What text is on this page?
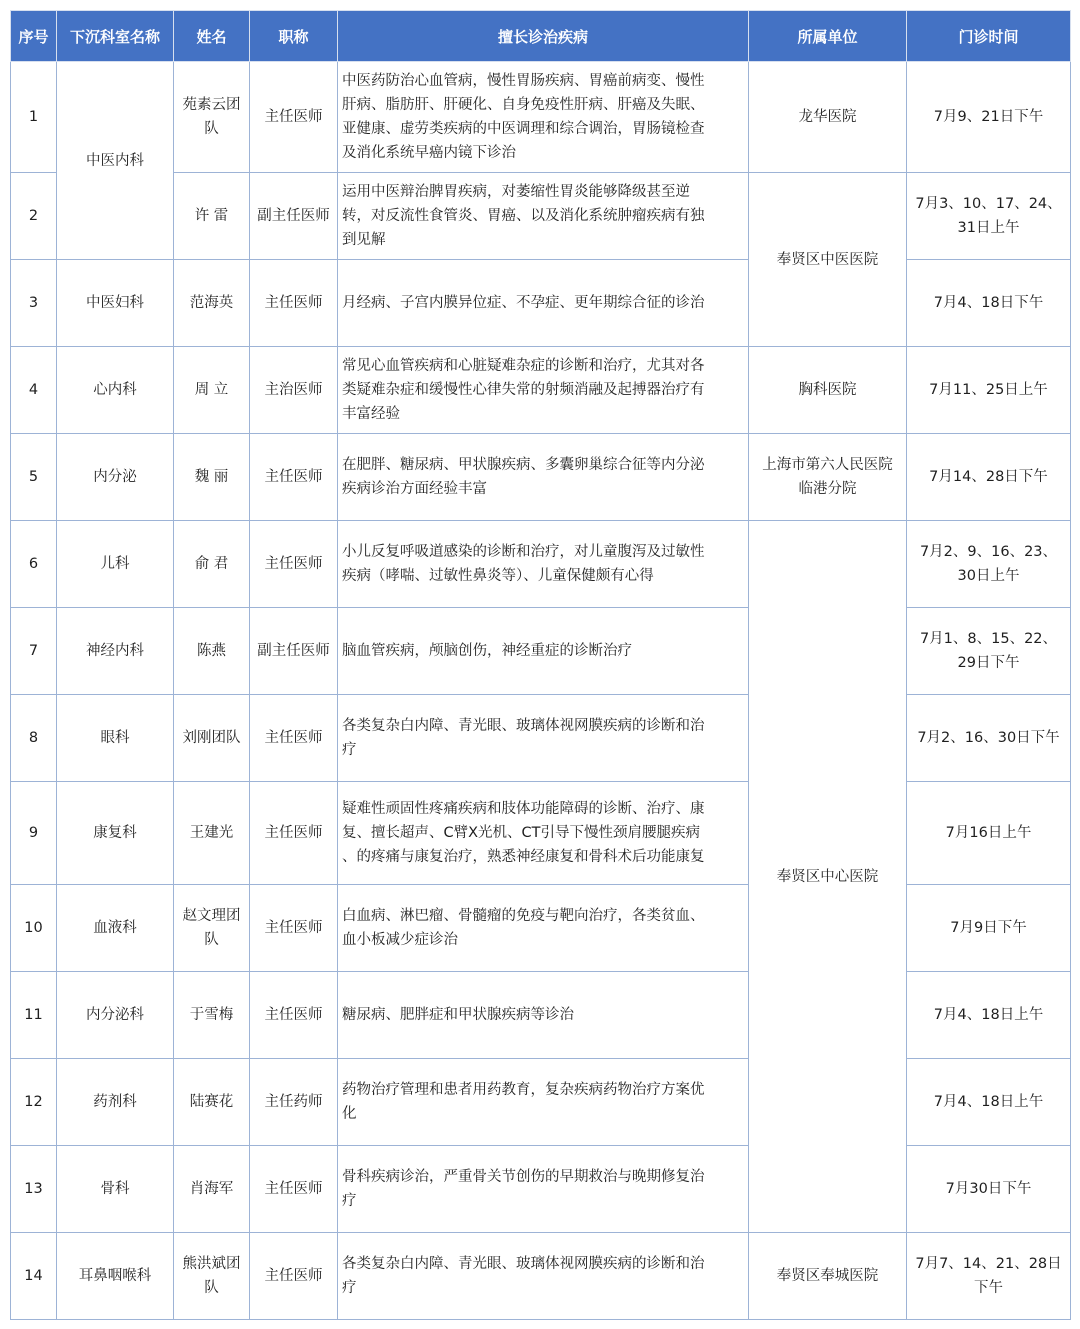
序号	下沉科室名称	姓名	职称	擅长诊治疾病	所属单位	门诊时间
1	中医内科	苑素云团
队	主任医师	中医药防治心血管病，慢性胃肠疾病、胃癌前病变、慢性
肝病、脂肪肝、肝硬化、自身免疫性肝病、肝癌及失眠、
亚健康、虚劳类疾病的中医调理和综合调治，胃肠镜检查
及消化系统早癌内镜下诊治	龙华医院	7月9、21日下午
2		许 雷	副主任医师	运用中医辩治脾胃疾病，对萎缩性胃炎能够降级甚至逆
转，对反流性食管炎、胃癌、以及消化系统肿瘤疾病有独
到见解	奉贤区中医医院	7月3、10、17、24、
31日上午
3	中医妇科	范海英	主任医师	月经病、子宫内膜异位症、不孕症、更年期综合征的诊治		7月4、18日下午
4	心内科	周 立	主治医师	常见心血管疾病和心脏疑难杂症的诊断和治疗，尤其对各
类疑难杂症和缓慢性心律失常的射频消融及起搏器治疗有
丰富经验	胸科医院	7月11、25日上午
5	内分泌	魏 丽	主任医师	在肥胖、糖尿病、甲状腺疾病、多囊卵巢综合征等内分泌
疾病诊治方面经验丰富	上海市第六人民医院
临港分院	7月14、28日下午
6	儿科	俞 君	主任医师	小儿反复呼吸道感染的诊断和治疗，对儿童腹泻及过敏性
疾病（哮喘、过敏性鼻炎等）、儿童保健颇有心得	奉贤区中心医院	7月2、9、16、23、
30日上午
7	神经内科	陈燕	副主任医师	脑血管疾病，颅脑创伤，神经重症的诊断治疗		7月1、8、15、22、
29日下午
8	眼科	刘刚团队	主任医师	各类复杂白内障、青光眼、玻璃体视网膜疾病的诊断和治
疗		7月2、16、30日下午
9	康复科	王建光	主任医师	疑难性顽固性疼痛疾病和肢体功能障碍的诊断、治疗、康
复、擅长超声、C臂X光机、CT引导下慢性颈肩腰腿疾病
、的疼痛与康复治疗，熟悉神经康复和骨科术后功能康复		7月16日上午
10	血液科	赵文理团
队	主任医师	白血病、淋巴瘤、骨髓瘤的免疫与靶向治疗，各类贫血、
血小板减少症诊治		7月9日下午
11	内分泌科	于雪梅	主任医师	糖尿病、肥胖症和甲状腺疾病等诊治		7月4、18日上午
12	药剂科	陆赛花	主任药师	药物治疗管理和患者用药教育，复杂疾病药物治疗方案优
化		7月4、18日上午
13	骨科	肖海军	主任医师	骨科疾病诊治，严重骨关节创伤的早期救治与晚期修复治
疗		7月30日下午
14	耳鼻咽喉科	熊洪斌团
队	主任医师	各类复杂白内障、青光眼、玻璃体视网膜疾病的诊断和治
疗	奉贤区奉城医院	7月7、14、21、28日
下午
